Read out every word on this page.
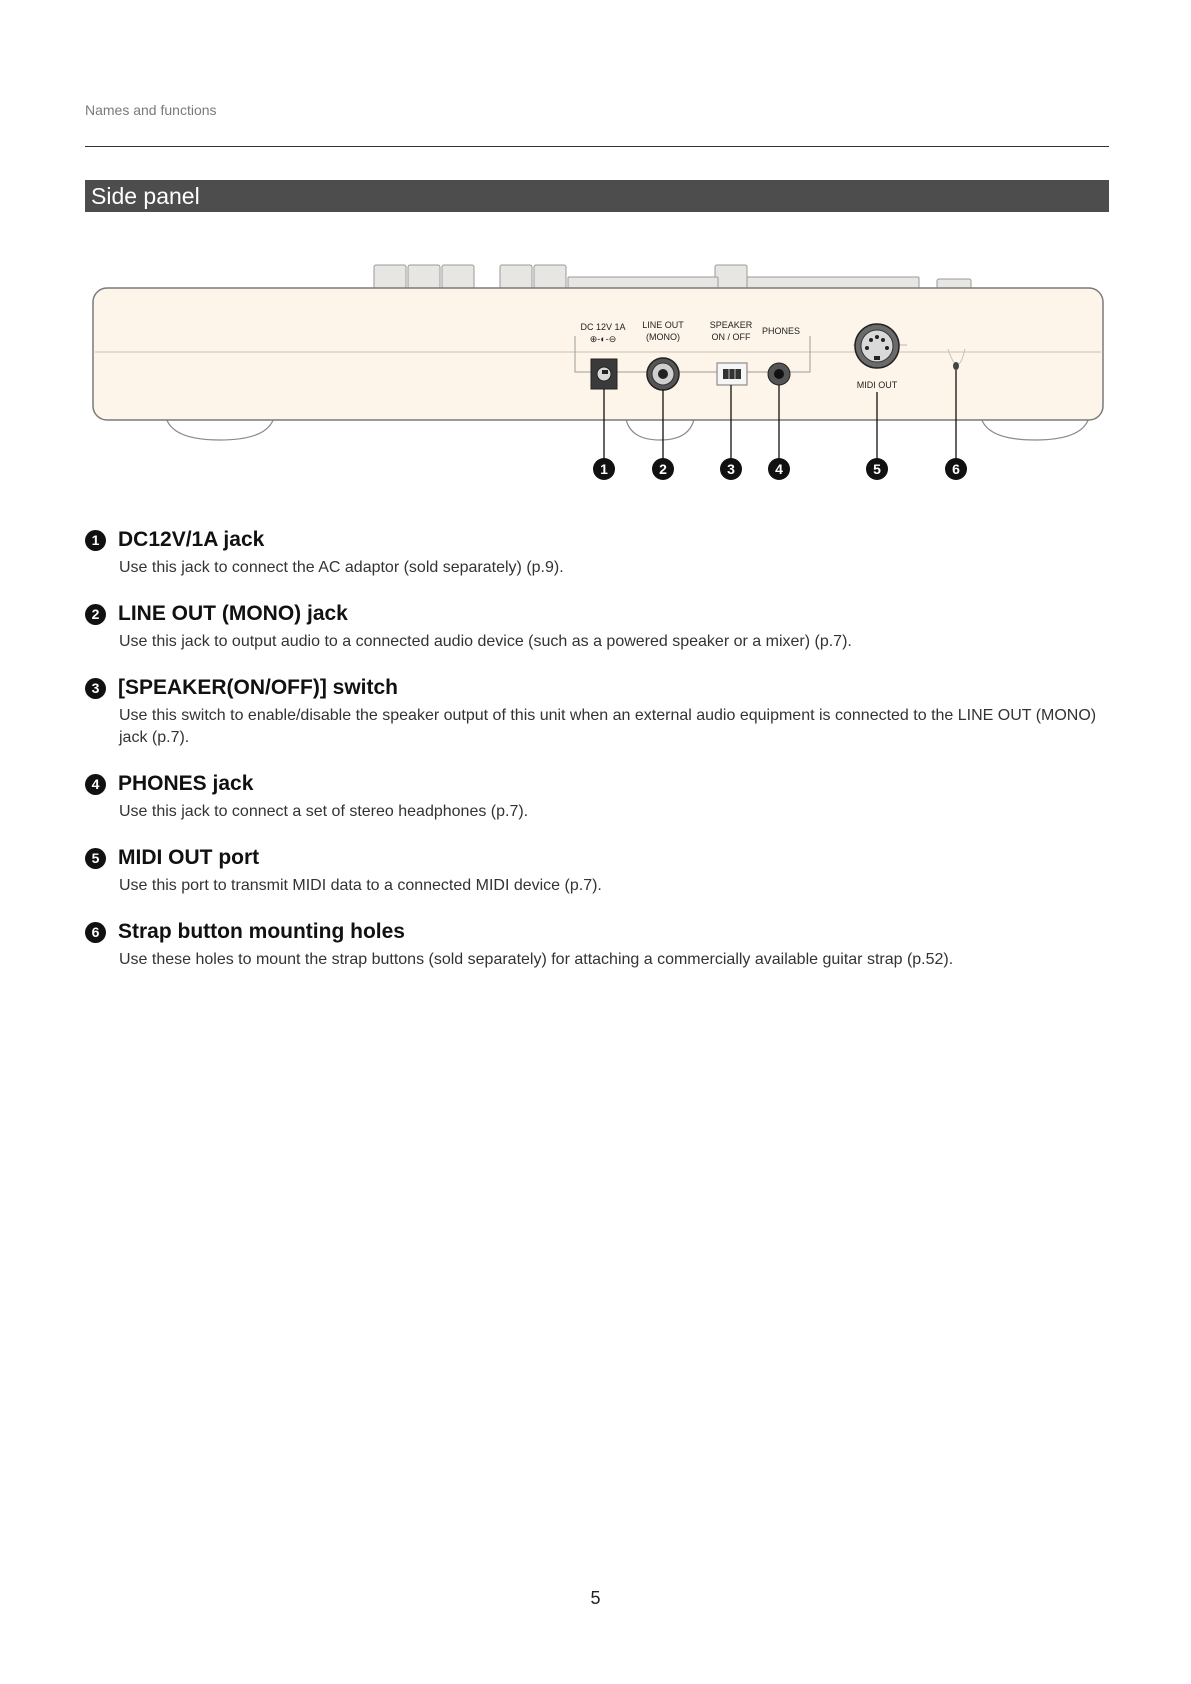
Names and functions
Side panel
DC 12V 1A
⊕-◐-⊖
LINE OUT
(MONO)
SPEAKER
ON / OFF
PHONES
MIDI OUT
1	2	3	4	5	6
1 DC12V/1A jack
Use this jack to connect the AC adaptor (sold separately) (p.9).
2 LINE OUT (MONO) jack
Use this jack to output audio to a connected audio device (such as a powered speaker or a mixer) (p.7).
3 [SPEAKER(ON/OFF)] switch
Use this switch to enable/disable the speaker output of this unit when an external audio equipment is connected to the LINE OUT (MONO) jack (p.7).
4 PHONES jack
Use this jack to connect a set of stereo headphones (p.7).
5 MIDI OUT port
Use this port to transmit MIDI data to a connected MIDI device (p.7).
6 Strap button mounting holes
Use these holes to mount the strap buttons (sold separately) for attaching a commercially available guitar strap (p.52).
5
